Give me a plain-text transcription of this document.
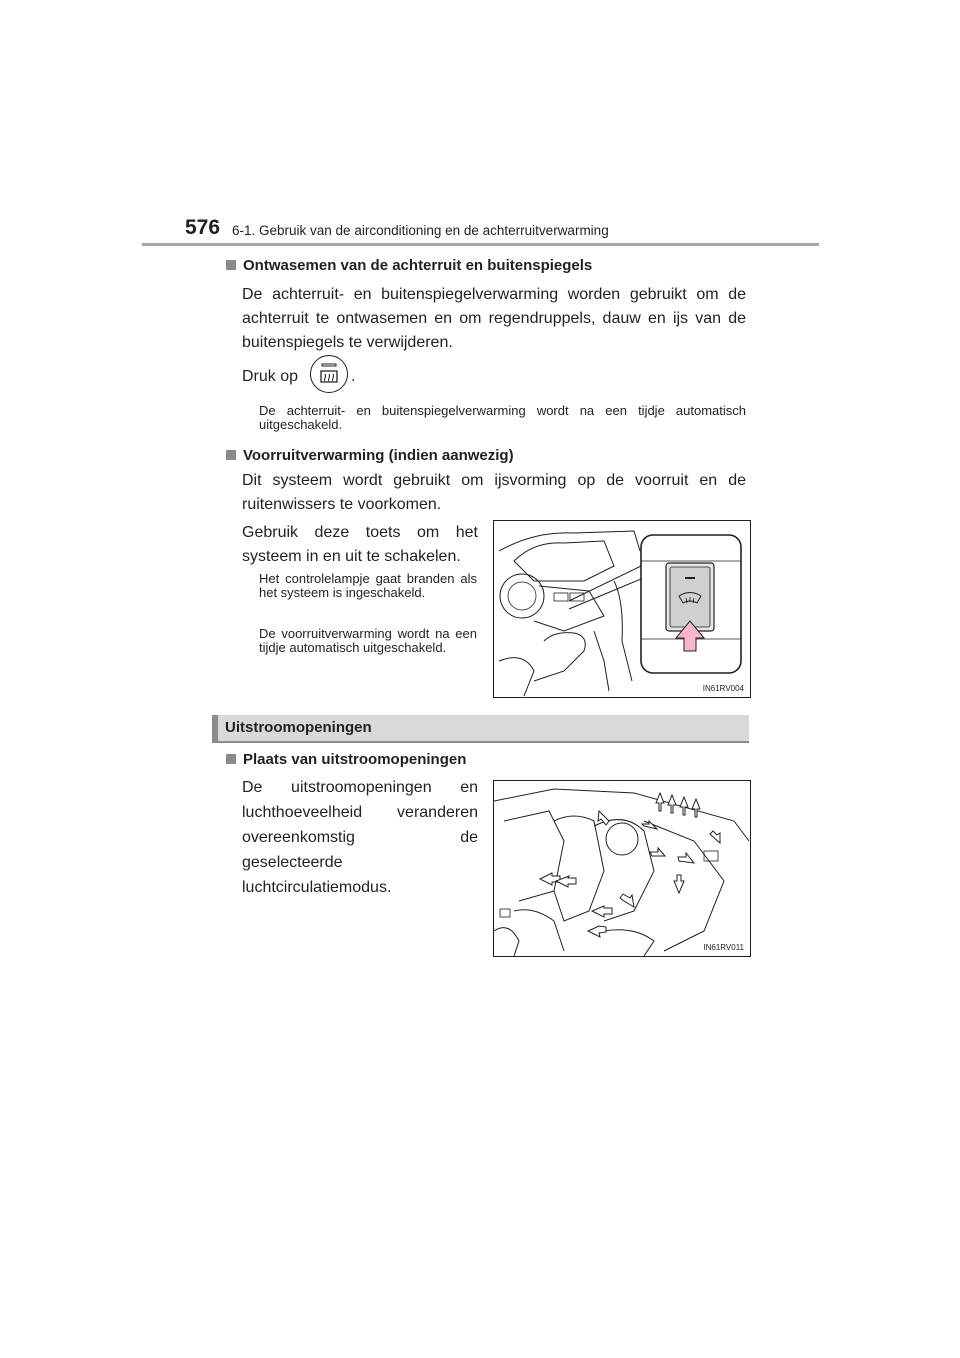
576 6-1. Gebruik van de airconditioning en de achterruitverwarming
Ontwasemen van de achterruit en buitenspiegels
De achterruit- en buitenspiegelverwarming worden gebruikt om de achterruit te ontwasemen en om regendruppels, dauw en ijs van de buitenspiegels te verwijderen.
Druk op	.
De achterruit- en buitenspiegelverwarming wordt na een tijdje automatisch uitgeschakeld.
Voorruitverwarming (indien aanwezig)
Dit systeem wordt gebruikt om ijsvorming op de voorruit en de ruitenwissers te voorkomen.
Gebruik deze toets om het systeem in en uit te schakelen.
Het controlelampje gaat branden als het systeem is ingeschakeld.
De voorruitverwarming wordt na een tijdje automatisch uitgeschakeld.
IN61RV004
Uitstroomopeningen
Plaats van uitstroomopeningen
De uitstroomopeningen en luchthoeveelheid veranderen overeenkomstig de geselecteerde luchtcirculatiemodus.
IN61RV011
